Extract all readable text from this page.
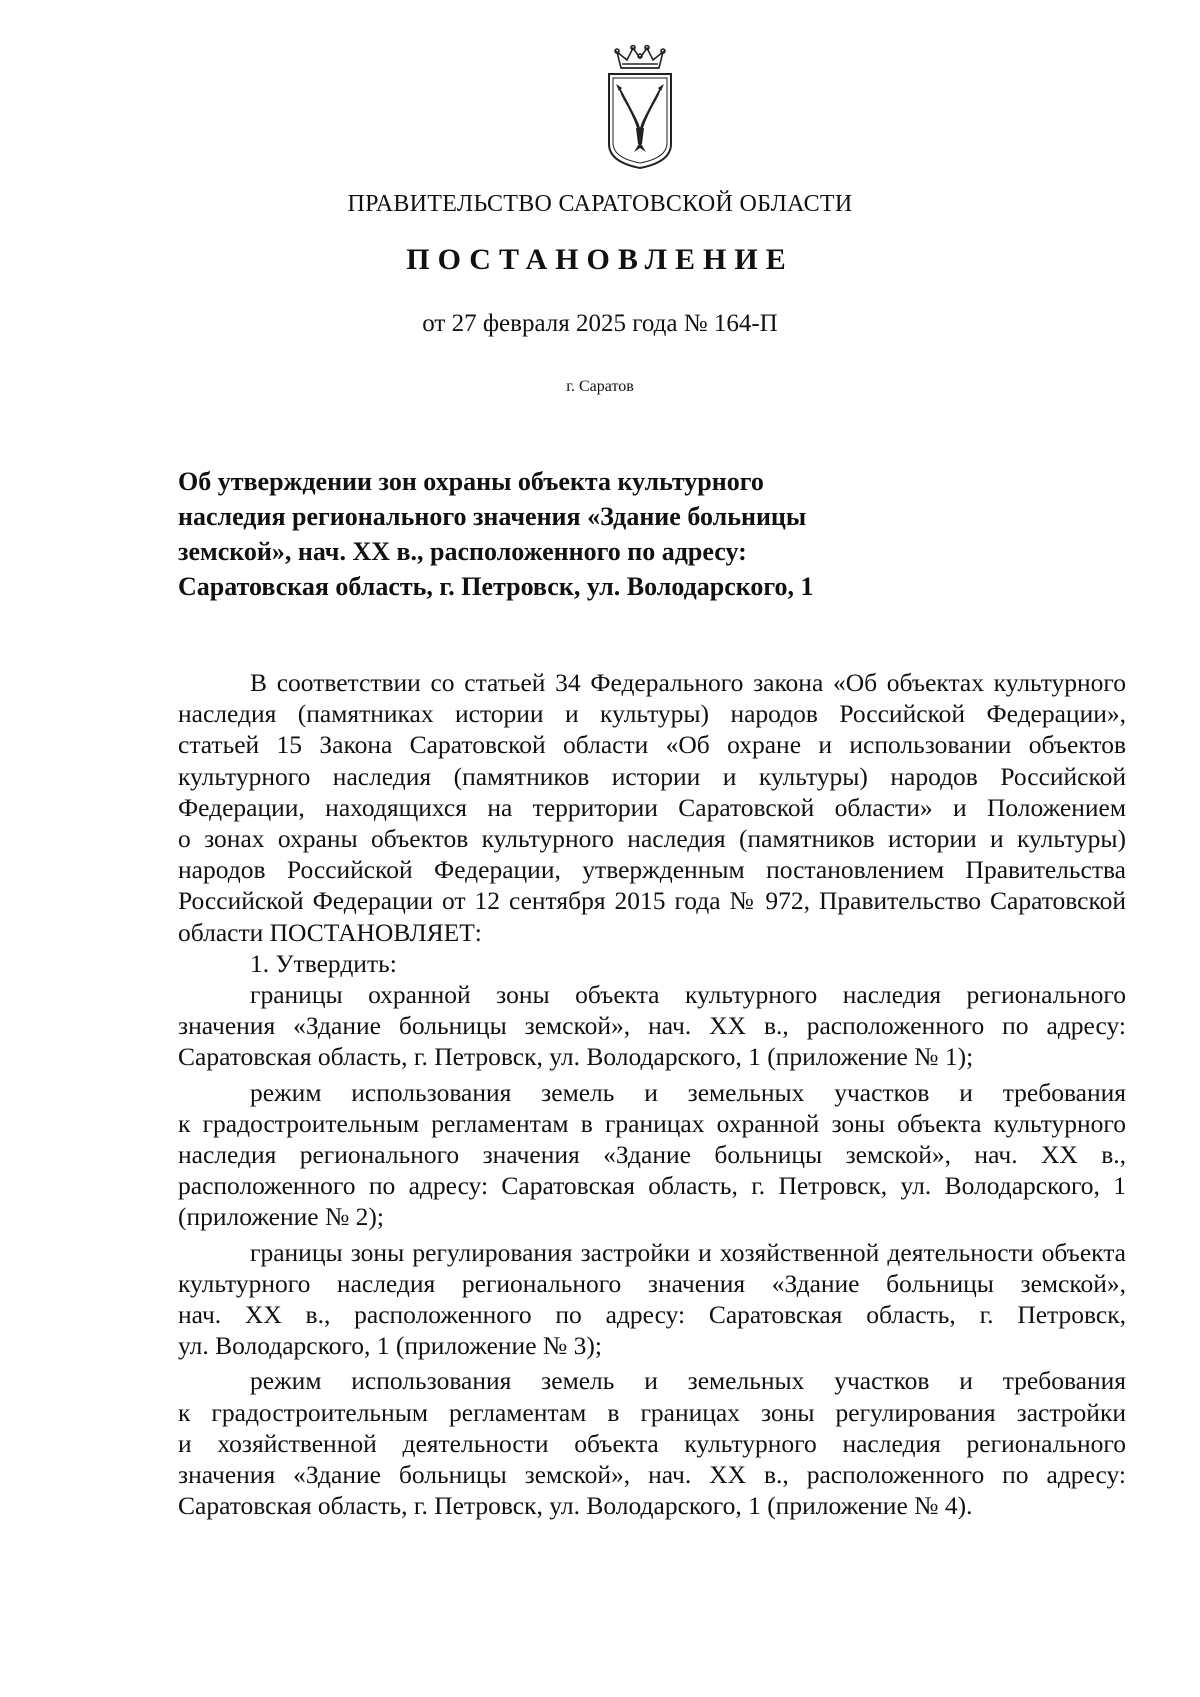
ПРАВИТЕЛЬСТВО САРАТОВСКОЙ ОБЛАСТИ
ПОСТАНОВЛЕНИЕ
от 27 февраля 2025 года № 164-П
г. Саратов
Об утверждении зон охраны объекта культурного
наследия регионального значения «Здание больницы
земской», нач. XX в., расположенного по адресу:
Саратовская область, г. Петровск, ул. Володарского, 1
В соответствии со статьей 34 Федерального закона «Об объектах культурного
наследия (памятниках истории и культуры) народов Российской Федерации»,
статьей 15 Закона Саратовской области «Об охране и использовании объектов
культурного наследия (памятников истории и культуры) народов Российской
Федерации, находящихся на территории Саратовской области» и Положением
о зонах охраны объектов культурного наследия (памятников истории и культуры)
народов Российской Федерации, утвержденным постановлением Правительства
Российской Федерации от 12 сентября 2015 года № 972, Правительство Саратовской
области ПОСТАНОВЛЯЕТ:
1. Утвердить:
границы охранной зоны объекта культурного наследия регионального
значения «Здание больницы земской», нач. XX в., расположенного по адресу:
Саратовская область, г. Петровск, ул. Володарского, 1 (приложение № 1);
режим использования земель и земельных участков и требования
к градостроительным регламентам в границах охранной зоны объекта культурного
наследия регионального значения «Здание больницы земской», нач. XX в.,
расположенного по адресу: Саратовская область, г. Петровск, ул. Володарского, 1
(приложение № 2);
границы зоны регулирования застройки и хозяйственной деятельности объекта
культурного наследия регионального значения «Здание больницы земской»,
нач. XX в., расположенного по адресу: Саратовская область, г. Петровск,
ул. Володарского, 1 (приложение № 3);
режим использования земель и земельных участков и требования
к градостроительным регламентам в границах зоны регулирования застройки
и хозяйственной деятельности объекта культурного наследия регионального
значения «Здание больницы земской», нач. XX в., расположенного по адресу:
Саратовская область, г. Петровск, ул. Володарского, 1 (приложение № 4).
